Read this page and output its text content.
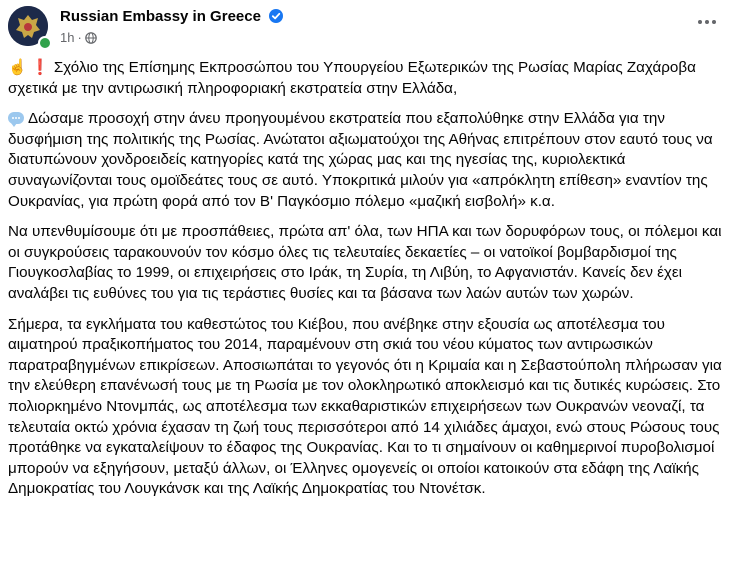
Russian Embassy in Greece
1h ·

☝ ❗ Σχόλιο της Επίσημης Εκπροσώπου του Υπουργείου Εξωτερικών της Ρωσίας Μαρίας Ζαχάροβα σχετικά με την αντιρωσική πληροφοριακή εκστρατεία στην Ελλάδα,

Δώσαμε προσοχή στην άνευ προηγουμένου εκστρατεία που εξαπολύθηκε στην Ελλάδα για την δυσφήμιση της πολιτικής της Ρωσίας. Ανώτατοι αξιωματούχοι της Αθήνας επιτρέπουν στον εαυτό τους να διατυπώνουν χονδροειδείς κατηγορίες κατά της χώρας μας και της ηγεσίας της, κυριολεκτικά συναγωνίζονται τους ομοϊδεάτες τους σε αυτό. Υποκριτικά μιλούν για «απρόκλητη επίθεση» εναντίον της Ουκρανίας, για πρώτη φορά από τον Β' Παγκόσμιο πόλεμο «μαζική εισβολή» κ.α.

Να υπενθυμίσουμε ότι με προσπάθειες, πρώτα απ' όλα, των ΗΠΑ και των δορυφόρων τους, οι πόλεμοι και οι συγκρούσεις ταρακουνούν τον κόσμο όλες τις τελευταίες δεκαετίες – οι νατοϊκοί βομβαρδισμοί της Γιουγκοσλαβίας το 1999, οι επιχειρήσεις στο Ιράκ, τη Συρία, τη Λιβύη, το Αφγανιστάν. Κανείς δεν έχει αναλάβει τις ευθύνες του για τις τεράστιες θυσίες και τα βάσανα των λαών αυτών των χωρών.

Σήμερα, τα εγκλήματα του καθεστώτος του Κιέβου, που ανέβηκε στην εξουσία ως αποτέλεσμα του αιματηρού πραξικοπήματος του 2014, παραμένουν στη σκιά του νέου κύματος των αντιρωσικών παρατραβηγμένων επικρίσεων. Αποσιωπάται το γεγονός ότι η Κριμαία και η Σεβαστούπολη πλήρωσαν για την ελεύθερη επανένωσή τους με τη Ρωσία με τον ολοκληρωτικό αποκλεισμό και τις δυτικές κυρώσεις. Στο πολιορκημένο Ντονμπάς, ως αποτέλεσμα των εκκαθαριστικών επιχειρήσεων των Ουκρανών νεοναζί, τα τελευταία οκτώ χρόνια έχασαν τη ζωή τους περισσότεροι από 14 χιλιάδες άμαχοι, ενώ στους Ρώσους τους προτάθηκε να εγκαταλείψουν το έδαφος της Ουκρανίας. Και το τι σημαίνουν οι καθημερινοί πυροβολισμοί μπορούν να εξηγήσουν, μεταξύ άλλων, οι Έλληνες ομογενείς οι οποίοι κατοικούν στα εδάφη της Λαϊκής Δημοκρατίας του Λουγκάνσκ και της Λαϊκής Δημοκρατίας του Ντονέτσκ.
